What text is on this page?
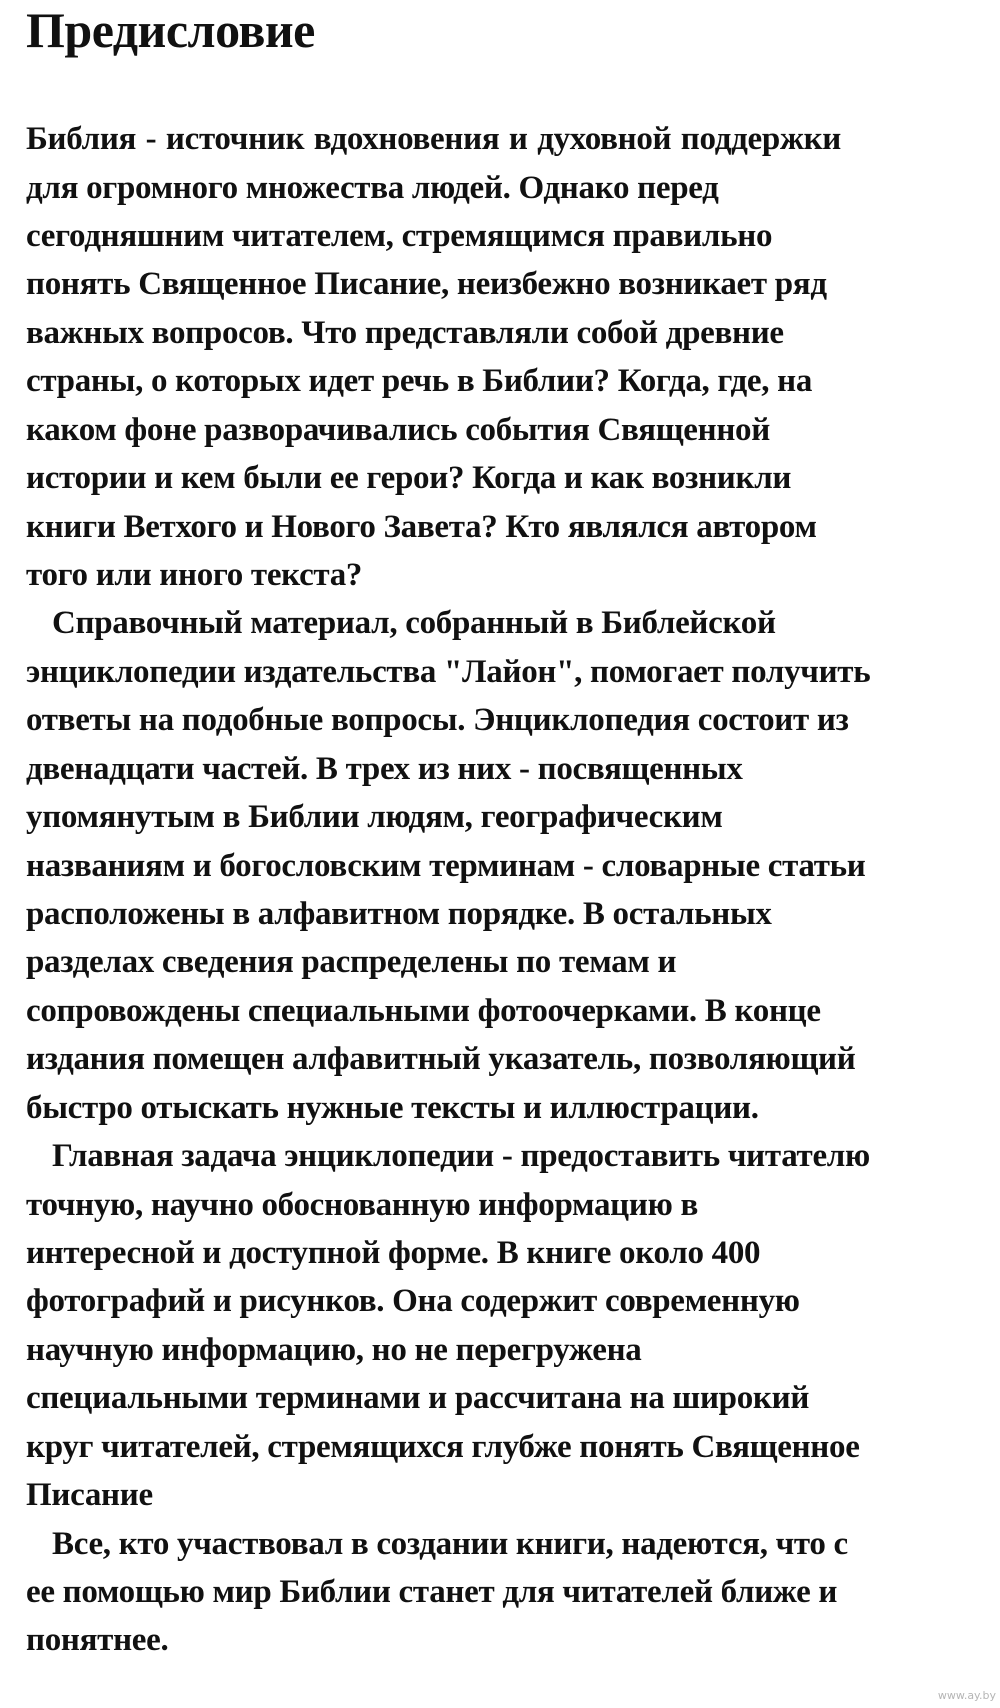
Предисловие

Библия - источник вдохновения и духовной поддержки

для огромного множества людей. Однако перед

сегодняшним читателем, стремящимся правильно

понять Священное Писание, неизбежно возникает ряд

важных вопросов. Что представляли собой древние

страны, о которых идет речь в Библии? Когда, где, на

каком фоне разворачивались события Священной

истории и кем были ее герои? Когда и как возникли

книги Ветхого и Нового Завета? Кто являлся автором

того или иного текста?

Справочный материал, собранный в Библейской

энциклопедии издательства "Лайон", помогает получить

ответы на подобные вопросы. Энциклопедия состоит из

двенадцати частей. В трех из них - посвященных

упомянутым в Библии людям, географическим

названиям и богословским терминам - словарные статьи

расположены в алфавитном порядке. В остальных

разделах сведения распределены по темам и

сопровождены специальными фотоочерками. В конце

издания помещен алфавитный указатель, позволяющий

быстро отыскать нужные тексты и иллюстрации.

Главная задача энциклопедии - предоставить читателю

точную, научно обоснованную информацию в

интересной и доступной форме. В книге около 400

фотографий и рисунков. Она содержит современную

научную информацию, но не перегружена

специальными терминами и рассчитана на широкий

круг читателей, стремящихся глубже понять Священное

Писание

Все, кто участвовал в создании книги, надеются, что с

ее помощью мир Библии станет для читателей ближе и

понятнее.

www.ay.by
